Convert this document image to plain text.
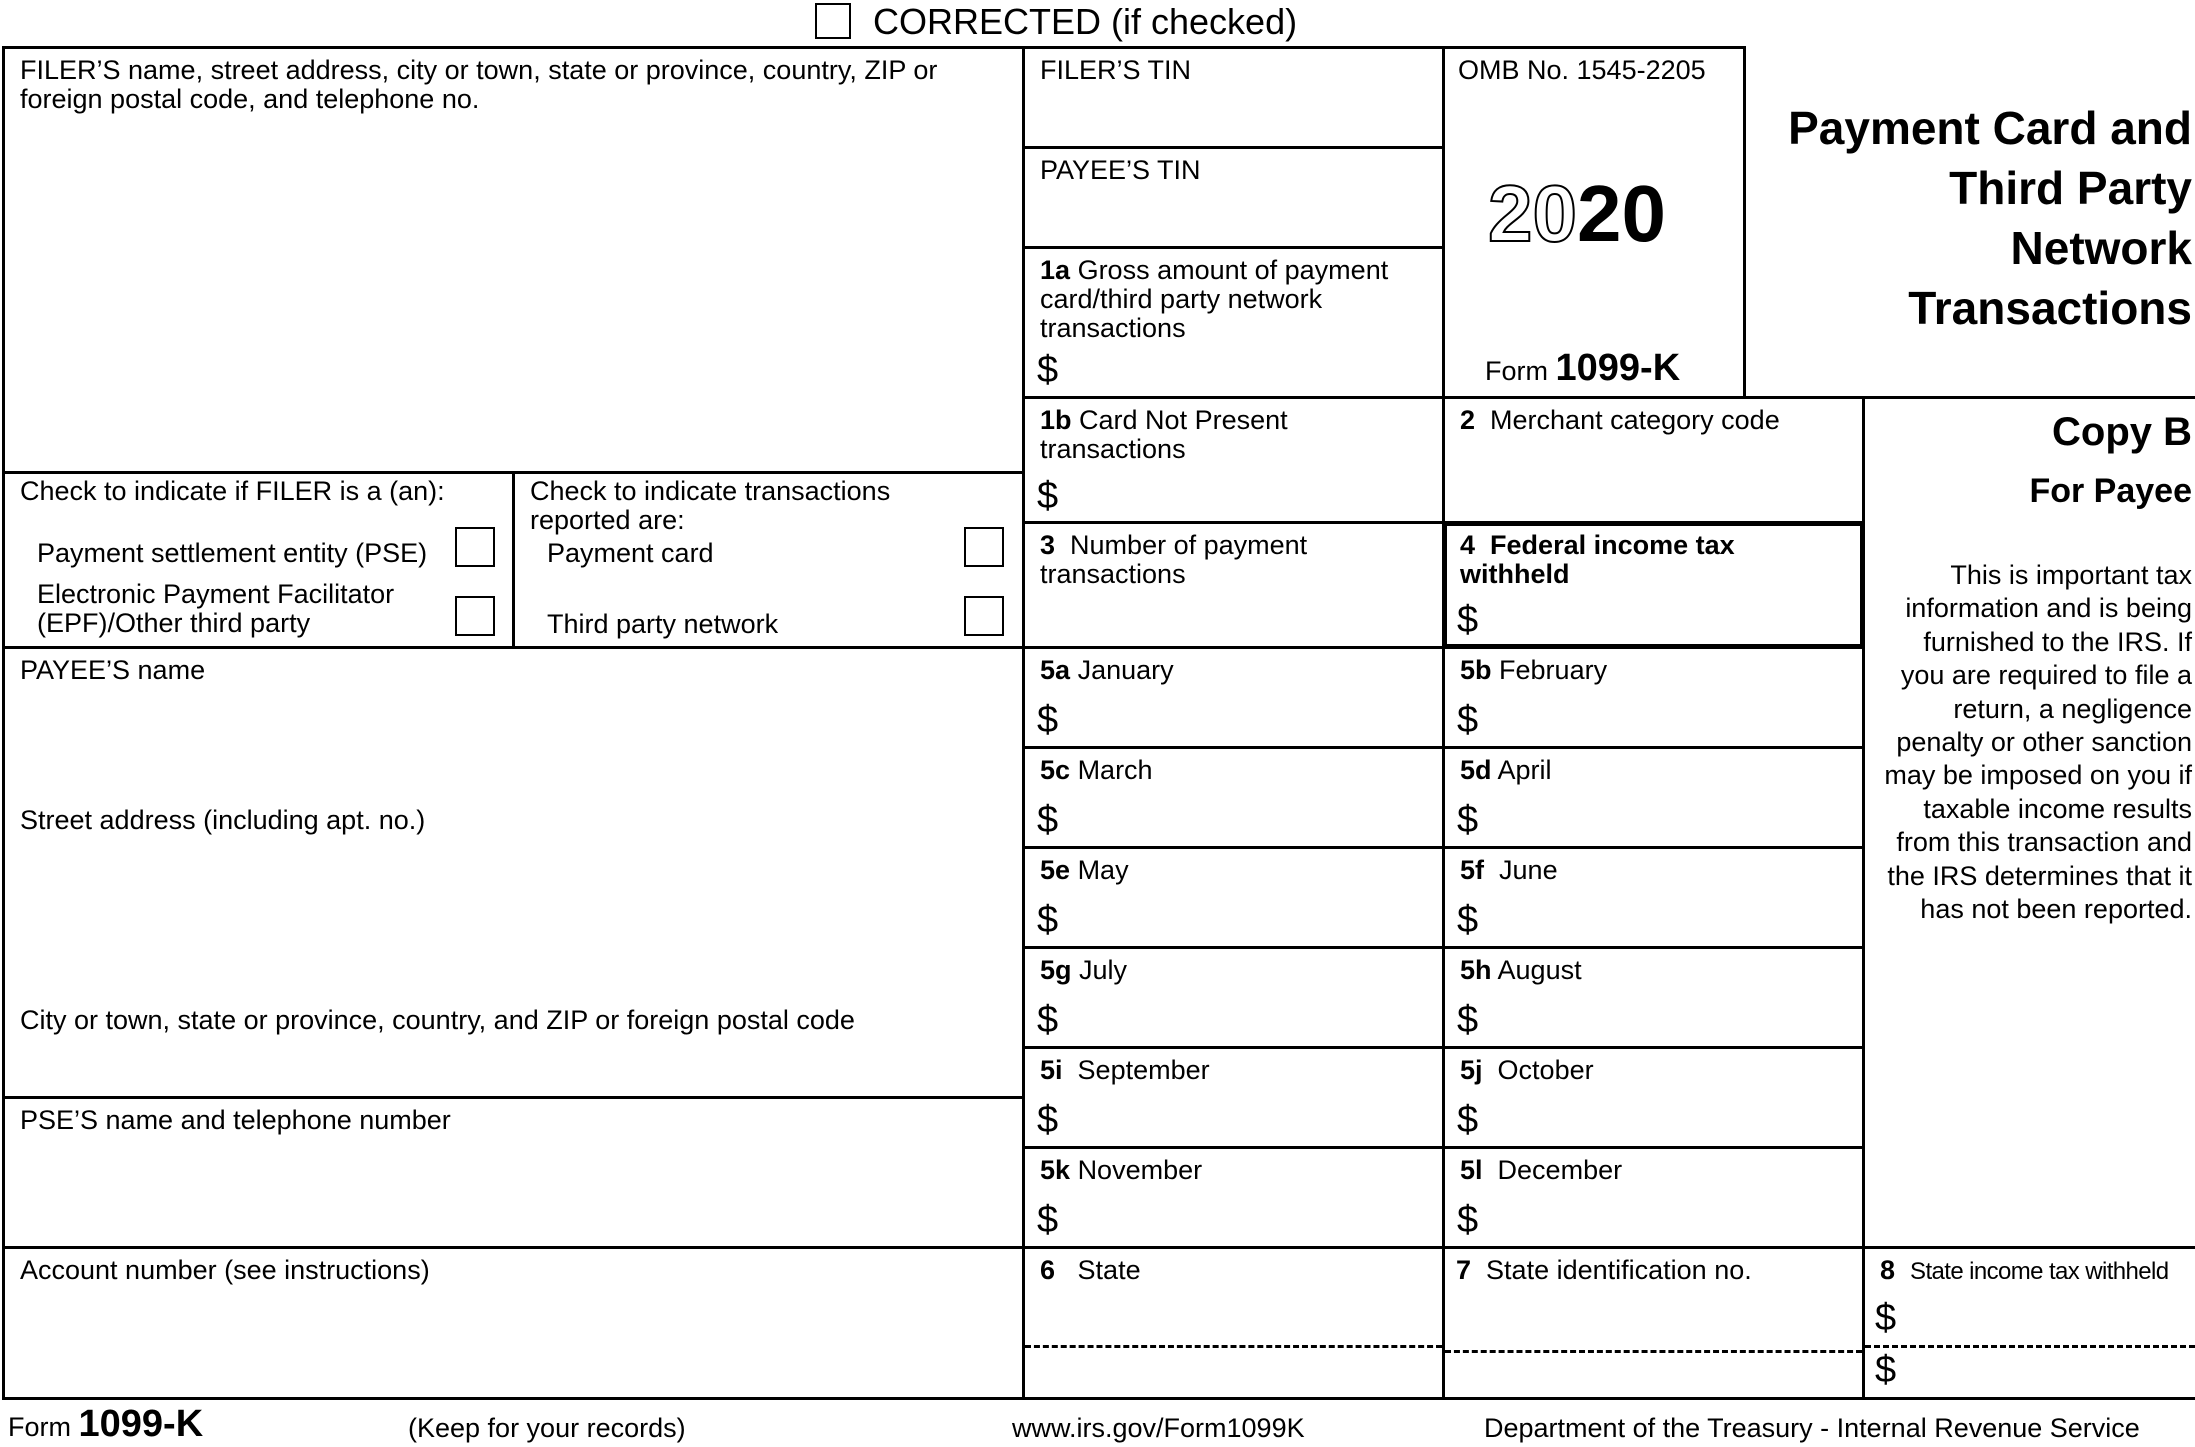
CORRECTED (if checked)
FILER’S name, street address, city or town, state or province, country, ZIP or foreign postal code, and telephone no.
FILER’S TIN
PAYEE’S TIN
OMB No. 1545-2205
2020
Form 1099-K
Payment Card and
Third Party
Network
Transactions
1a Gross amount of payment card/third party network transactions
$
1b Card Not Present transactions
$
2 Merchant category code
3 Number of payment transactions
4 Federal income tax withheld
$
Check to indicate if FILER is a (an):
Payment settlement entity (PSE)
Electronic Payment Facilitator (EPF)/Other third party
Check to indicate transactions reported are:
Payment card
Third party network
Copy B
For Payee
This is important tax information and is being furnished to the IRS. If you are required to file a return, a negligence penalty or other sanction may be imposed on you if taxable income results from this transaction and the IRS determines that it has not been reported.
PAYEE’S name
Street address (including apt. no.)
City or town, state or province, country, and ZIP or foreign postal code
PSE’S name and telephone number
Account number (see instructions)
5a January
$
5b February
$
5c March
$
5d April
$
5e May
$
5f June
$
5g July
$
5h August
$
5i September
$
5j October
$
5k November
$
5l December
$
6 State	7 State identification no.	8 State income tax withheld
$
$
Form 1099-K	(Keep for your records)	www.irs.gov/Form1099K	Department of the Treasury - Internal Revenue Service
